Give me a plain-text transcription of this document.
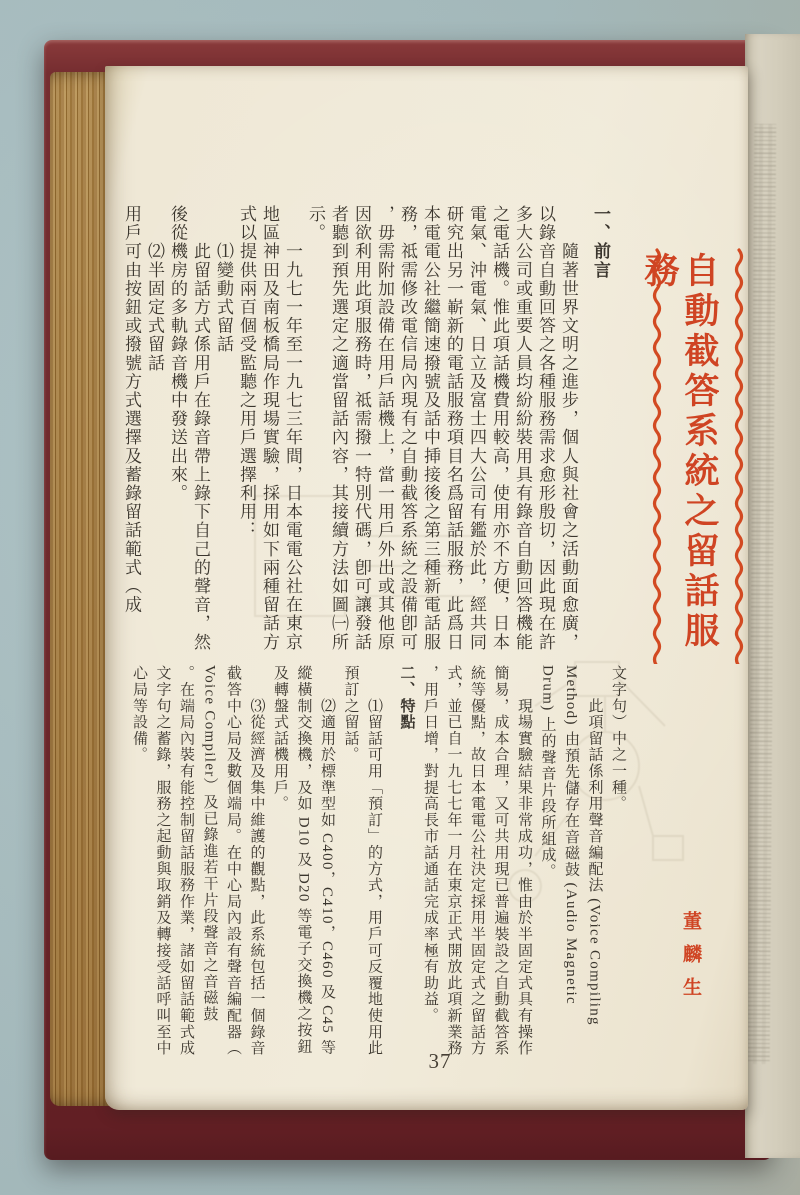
自動截答系統之留話服務
董麟生
一、前言
　　隨著世界文明之進步，個人與社會之活動面愈廣，
以錄音自動回答之各種服務需求愈形殷切，因此現在許
多大公司或重要人員均紛紛裝用具有錄音自動回答機能
之電話機。惟此項話機費用較高，使用亦不方便，日本
電氣、沖電氣、日立及富士四大公司有鑑於此，經共同
研究出另一嶄新的電話服務項目名爲留話服務，此爲日
本電電公社繼簡速撥號及話中挿接後之第三種新電話服
務，祗需修改電信局內現有之自動截答系統之設備卽可
，毋需附加設備在用戶話機上，當一用戶外出或其他原
因欲利用此項服務時，祗需撥一特別代碼，卽可讓發話
者聽到預先選定之適當留話內容，其接續方法如圖㈠所
示。
　　一九七一年至一九七三年間，日本電電公社在東京
地區神田及南板橋局作現場實驗，採用如下兩種留話方
式以提供兩百個受監聽之用戶選擇利用：
　　⑴變動式留話
　　此留話方式係用戶在錄音帶上錄下自己的聲音，然
後從機房的多軌錄音機中發送出來。
　　⑵半固定式留話
用戶可由按鈕或撥號方式選擇及蓄錄留話範式（成
文字句）中之一種。
　　此項留話係利用聲音編配法 (Voice Compiling
Method) 由預先儲存在音磁鼓 (Audio Magnetic
Drum) 上的聲音片段所組成。
　　現場實驗結果非常成功，惟由於半固定式具有操作
簡易，成本合理，又可共用現已普遍裝設之自動截答系
統等優點，故日本電電公社決定採用半固定式之留話方
式，並已自一九七七年一月在東京正式開放此項新業務
，用戶日增，對提高長市話通話完成率極有助益。
二、特點
　　⑴留話可用「預訂」的方式，用戶可反覆地使用此
預訂之留話。
　　⑵適用於標準型如 C400，C410，C460 及 C45 等
縱橫制交換機，及如 D10 及 D20 等電子交換機之按鈕
及轉盤式話機用戶。
　　⑶從經濟及集中維護的觀點，此系統包括一個錄音
截答中心局及數個端局。在中心局內設有聲音編配器（
Voice Compiler）及已錄進若干片段聲音之音磁鼓
。在端局內裝有能控制留話服務作業，諸如留話範式成
文字句之蓄錄，服務之起動與取銷及轉接受話呼叫至中
心局等設備。
37
